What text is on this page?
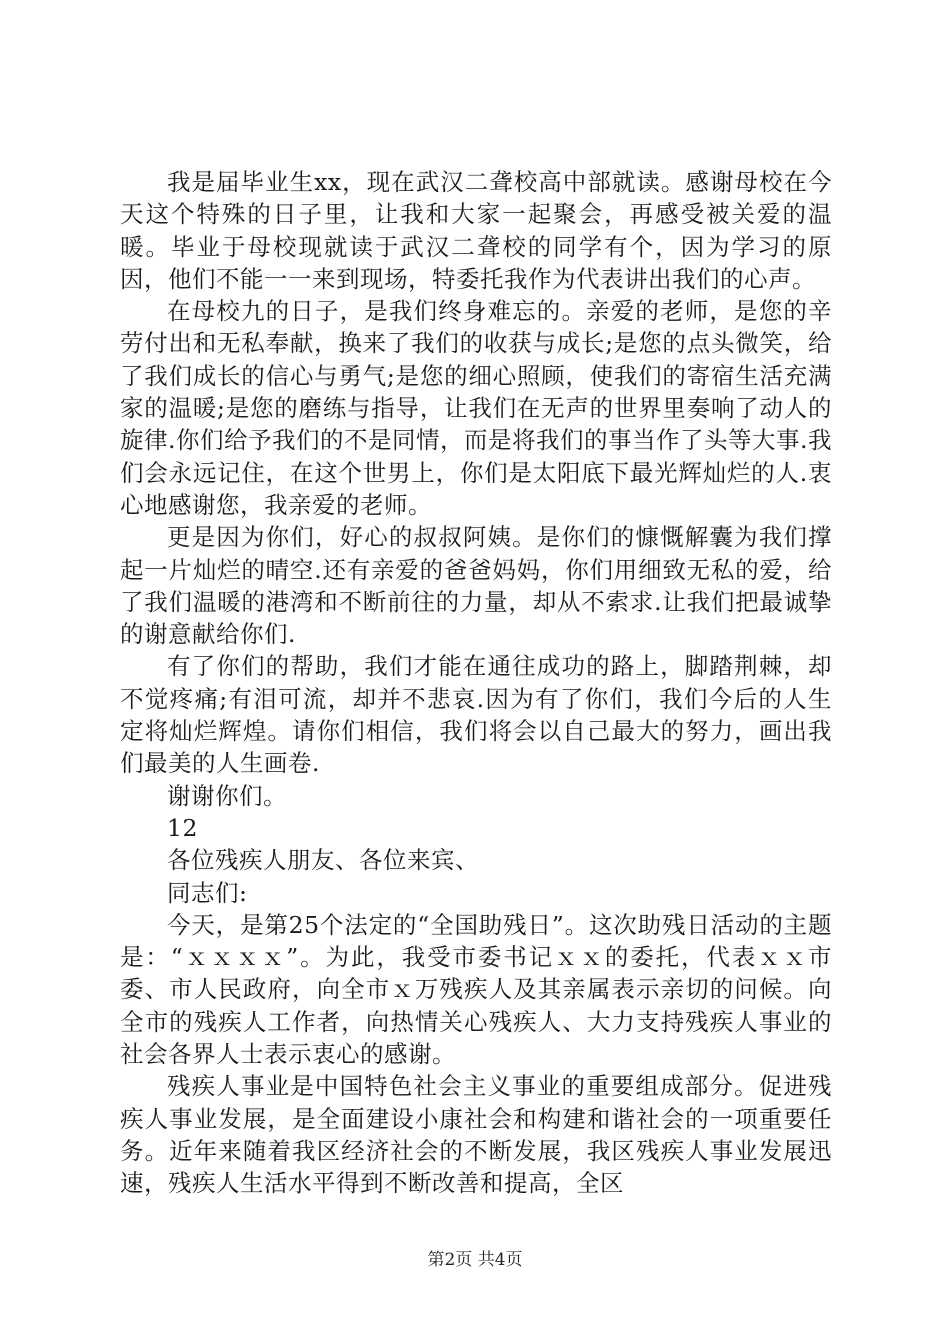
我是届毕业生xx，现在武汉二聋校高中部就读。感谢母校在今天这个特殊的日子里，让我和大家一起聚会，再感受被关爱的温暖。毕业于母校现就读于武汉二聋校的同学有个，因为学习的原因，他们不能一一来到现场，特委托我作为代表讲出我们的心声。

在母校九的日子，是我们终身难忘的。亲爱的老师，是您的辛劳付出和无私奉献，换来了我们的收获与成长;是您的点头微笑，给了我们成长的信心与勇气;是您的细心照顾，使我们的寄宿生活充满家的温暖;是您的磨练与指导，让我们在无声的世界里奏响了动人的旋律.你们给予我们的不是同情，而是将我们的事当作了头等大事.我们会永远记住，在这个世男上，你们是太阳底下最光辉灿烂的人.衷心地感谢您，我亲爱的老师。

更是因为你们，好心的叔叔阿姨。是你们的慷慨解囊为我们撑起一片灿烂的晴空.还有亲爱的爸爸妈妈，你们用细致无私的爱，给了我们温暖的港湾和不断前往的力量，却从不索求.让我们把最诚挚的谢意献给你们.

有了你们的帮助，我们才能在通往成功的路上，脚踏荆棘，却不觉疼痛;有泪可流，却并不悲哀.因为有了你们，我们今后的人生定将灿烂辉煌。请你们相信，我们将会以自己最大的努力，画出我们最美的人生画卷.

谢谢你们。

12

各位残疾人朋友、各位来宾、

同志们:

今天，是第25个法定的“全国助残日”。这次助残日活动的主题是：“ｘｘｘｘ”。为此，我受市委书记ｘｘ的委托，代表ｘｘ市委、市人民政府，向全市ｘ万残疾人及其亲属表示亲切的问候。向全市的残疾人工作者，向热情关心残疾人、大力支持残疾人事业的社会各界人士表示衷心的感谢。

残疾人事业是中国特色社会主义事业的重要组成部分。促进残疾人事业发展，是全面建设小康社会和构建和谐社会的一项重要任务。近年来随着我区经济社会的不断发展，我区残疾人事业发展迅速，残疾人生活水平得到不断改善和提高，全区

第2页 共4页
